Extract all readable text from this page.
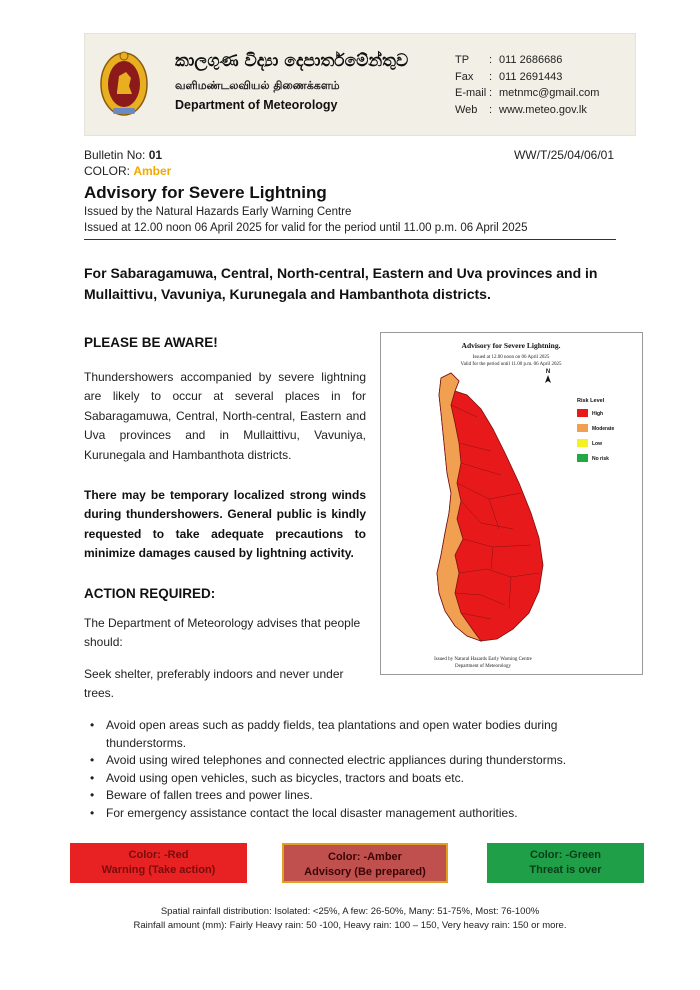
කාලගුණ විද්‍යා දෙපාර්තමේන්තුව
வளிமண்டலவியல் திணைக்களம்
Department of Meteorology
TP	: 011 2686686
Fax	: 011 2691443
E-mail : metnmc@gmail.com
Web	: www.meteo.gov.lk
Bulletin No: 01
COLOR: Amber
WW/T/25/04/06/01
Advisory for Severe Lightning
Issued by the Natural Hazards Early Warning Centre
Issued at 12.00 noon 06 April 2025 for valid for the period until 11.00 p.m. 06 April 2025
For Sabaragamuwa, Central, North-central, Eastern and Uva provinces and in Mullaittivu, Vavuniya, Kurunegala and Hambanthota districts.
PLEASE BE AWARE!
Thundershowers accompanied by severe lightning are likely to occur at several places in for Sabaragamuwa, Central, North-central, Eastern and Uva provinces and in Mullaittivu, Vavuniya, Kurunegala and Hambanthota districts.
There may be temporary localized strong winds during thundershowers. General public is kindly requested to take adequate precautions to minimize damages caused by lightning activity.
ACTION REQUIRED:
The Department of Meteorology advises that people should:
Seek shelter, preferably indoors and never under trees.
Advisory for Severe Lightning.
Issued at 12.00 noon on 06 April 2025
Valid for the period until 11.00 p.m. 06 April 2025
N
Risk Level
High
Moderate
Low
No risk
Issued by Natural Hazards Early Warning Centre
Department of Meteorology
• Avoid open areas such as paddy fields, tea plantations and open water bodies during thunderstorms.
• Avoid using wired telephones and connected electric appliances during thunderstorms.
• Avoid using open vehicles, such as bicycles, tractors and boats etc.
• Beware of fallen trees and power lines.
• For emergency assistance contact the local disaster management authorities.
Color: -Red
Warning (Take action)
Color: -Amber
Advisory (Be prepared)
Color: -Green
Threat is over
Spatial rainfall distribution: Isolated: <25%, A few: 26-50%, Many: 51-75%, Most: 76-100%
Rainfall amount (mm): Fairly Heavy rain: 50 -100, Heavy rain: 100 – 150, Very heavy rain: 150 or more.
